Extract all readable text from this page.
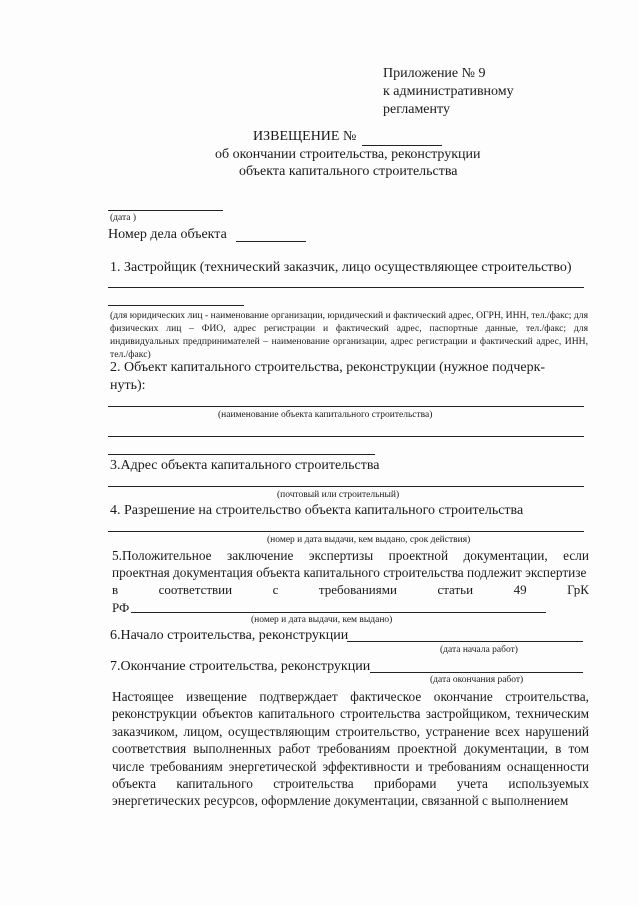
Приложение № 9
к административному
регламенту
ИЗВЕЩЕНИЕ №
об окончании строительства, реконструкции
объекта капитального строительства
(дата )
Номер дела объекта
1. Застройщик (технический заказчик, лицо осуществляющее строительство)
(для юридических лиц - наименование организации, юридический и фактический адрес, ОГРН, ИНН, тел./факс; для физических лиц – ФИО, адрес регистрации и фактический адрес, паспортные данные, тел./факс; для индивидуальных предпринимателей – наименование организации, адрес регистрации и фактический адрес, ИНН, тел./факс)
2. Объект капитального строительства, реконструкции (нужное подчерк-
нуть):
(наименование объекта капитального строительства)
3.Адрес объекта капитального строительства
(почтовый или строительный)
4. Разрешение на строительство объекта капитального строительства
(номер и дата выдачи, кем выдано, срок действия)
5.Положительное заключение экспертизы проектной документации, если проектная документация объекта капитального строительства подлежит экспертизе
в	соответствии	с	требованиями	статьи	49	ГрК
РФ
(номер и дата выдачи, кем выдано)
6.Начало строительства, реконструкции
(дата начала работ)
7.Окончание строительства, реконструкции
(дата окончания работ)
Настоящее извещение подтверждает фактическое окончание строительства, реконструкции объектов капитального строительства застройщиком, техническим заказчиком, лицом, осуществляющим строительство, устранение всех нарушений соответствия выполненных работ требованиям проектной документации, в том числе требованиям энергетической эффективности и требованиям оснащенности объекта капитального строительства приборами учета используемых энергетических ресурсов, оформление документации, связанной с выполнением
